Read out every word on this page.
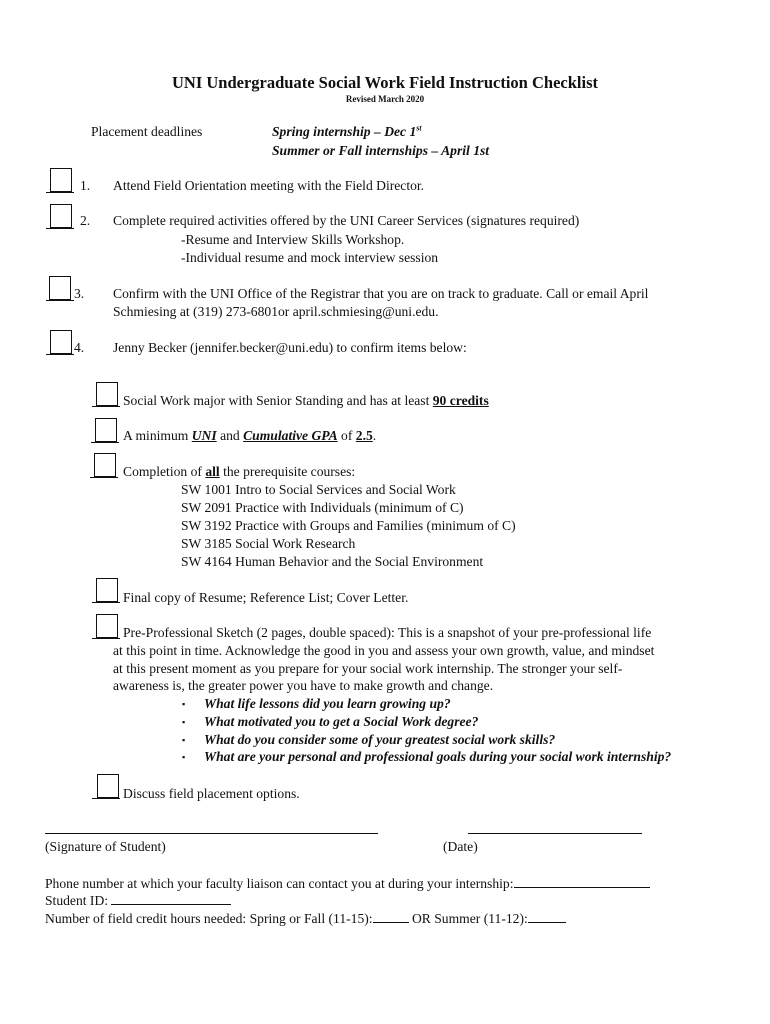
UNI Undergraduate Social Work Field Instruction Checklist
Revised March 2020
Placement deadlines	Spring internship – Dec 1st
Summer or Fall internships – April 1st
1. Attend Field Orientation meeting with the Field Director.
2. Complete required activities offered by the UNI Career Services (signatures required)
-Resume and Interview Skills Workshop.
-Individual resume and mock interview session
3. Confirm with the UNI Office of the Registrar that you are on track to graduate. Call or email April
Schmiesing at (319) 273-6801or april.schmiesing@uni.edu.
4. Jenny Becker (jennifer.becker@uni.edu) to confirm items below:
Social Work major with Senior Standing and has at least 90 credits
A minimum UNI and Cumulative GPA of 2.5.
Completion of all the prerequisite courses:
SW 1001 Intro to Social Services and Social Work
SW 2091 Practice with Individuals (minimum of C)
SW 3192 Practice with Groups and Families (minimum of C)
SW 3185 Social Work Research
SW 4164 Human Behavior and the Social Environment
Final copy of Resume; Reference List; Cover Letter.
Pre-Professional Sketch (2 pages, double spaced): This is a snapshot of your pre-professional life
at this point in time. Acknowledge the good in you and assess your own growth, value, and mindset
at this present moment as you prepare for your social work internship. The stronger your self-
awareness is, the greater power you have to make growth and change.
▪ What life lessons did you learn growing up?
▪ What motivated you to get a Social Work degree?
▪ What do you consider some of your greatest social work skills?
▪ What are your personal and professional goals during your social work internship?
Discuss field placement options.
(Signature of Student)	(Date)
Phone number at which your faculty liaison can contact you at during your internship:
Student ID:
Number of field credit hours needed: Spring or Fall (11-15):	OR Summer (11-12):
